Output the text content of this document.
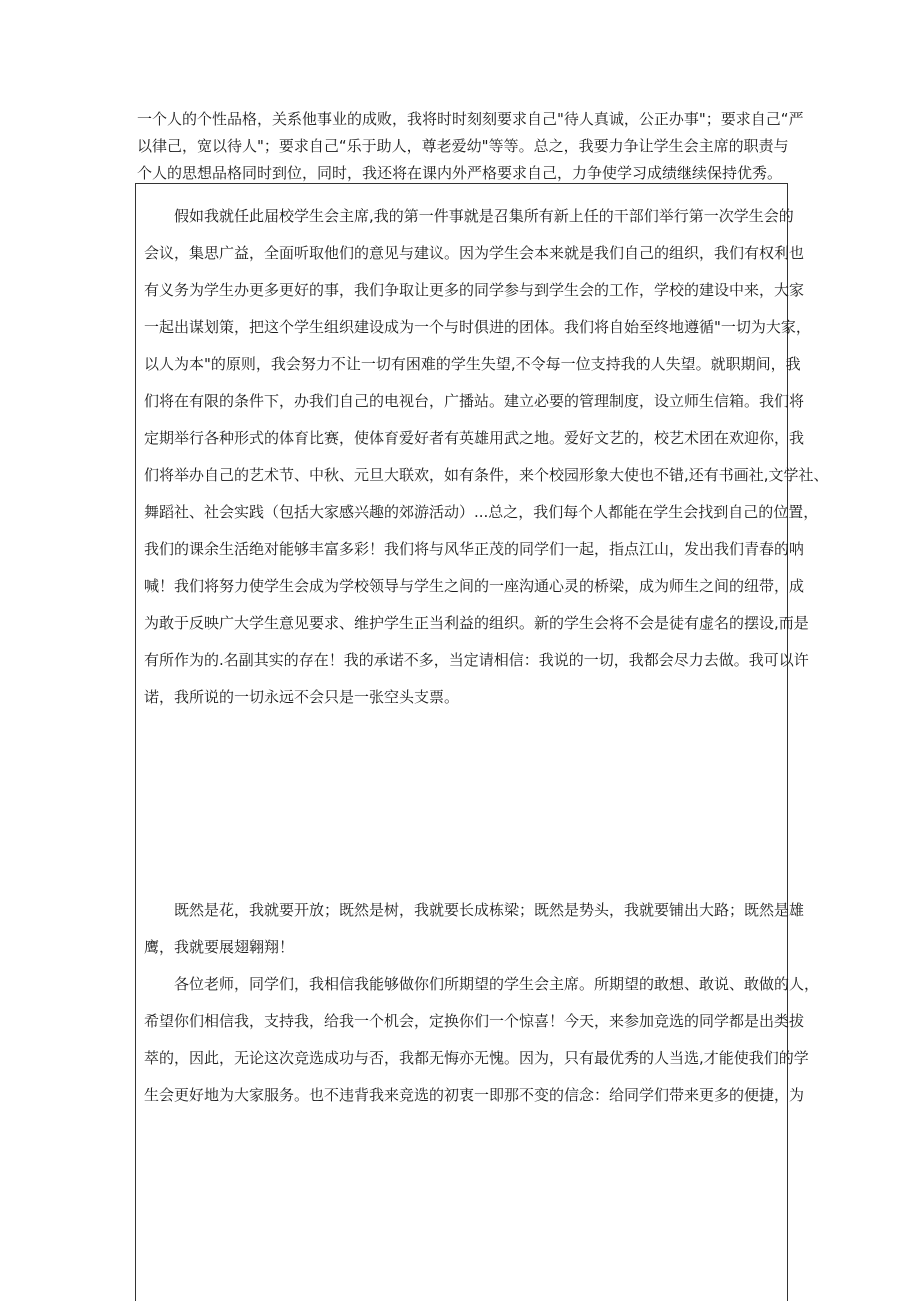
一个人的个性品格，关系他事业的成败，我将时时刻刻要求自己"待人真诚，公正办事"；要求自己“严
以律己，宽以待人"；要求自己“乐于助人，尊老爱幼"等等。总之，我要力争让学生会主席的职责与
个人的思想品格同时到位，同时，我还将在课内外严格要求自己，力争使学习成绩继续保持优秀。
假如我就任此届校学生会主席,我的第一件事就是召集所有新上任的干部们举行第一次学生会的
会议，集思广益，全面听取他们的意见与建议。因为学生会本来就是我们自己的组织，我们有权利也
有义务为学生办更多更好的事，我们争取让更多的同学参与到学生会的工作，学校的建设中来，大家
一起出谋划策，把这个学生组织建设成为一个与时俱进的团体。我们将自始至终地遵循"一切为大家，
以人为本"的原则，我会努力不让一切有困难的学生失望,不令每一位支持我的人失望。就职期间，我
们将在有限的条件下，办我们自己的电视台，广播站。建立必要的管理制度，设立师生信箱。我们将
定期举行各种形式的体育比赛，使体育爱好者有英雄用武之地。爱好文艺的，校艺术团在欢迎你，我
们将举办自己的艺术节、中秋、元旦大联欢，如有条件，来个校园形象大使也不错,还有书画社,文学社、
舞蹈社、社会实践（包括大家感兴趣的郊游活动）...总之，我们每个人都能在学生会找到自己的位置，
我们的课余生活绝对能够丰富多彩！我们将与风华正茂的同学们一起，指点江山，发出我们青春的呐
喊！我们将努力使学生会成为学校领导与学生之间的一座沟通心灵的桥梁，成为师生之间的纽带，成
为敢于反映广大学生意见要求、维护学生正当利益的组织。新的学生会将不会是徒有虚名的摆设,而是
有所作为的.名副其实的存在！我的承诺不多，当定请相信：我说的一切，我都会尽力去做。我可以许
诺，我所说的一切永远不会只是一张空头支票。
既然是花，我就要开放；既然是树，我就要长成栋梁；既然是势头，我就要铺出大路；既然是雄
鹰，我就要展翅翱翔！
各位老师，同学们，我相信我能够做你们所期望的学生会主席。所期望的敢想、敢说、敢做的人，
希望你们相信我，支持我，给我一个机会，定换你们一个惊喜！今天，来参加竞选的同学都是出类拔
萃的，因此，无论这次竞选成功与否，我都无悔亦无愧。因为，只有最优秀的人当选,才能使我们的学
生会更好地为大家服务。也不违背我来竞选的初衷一即那不变的信念：给同学们带来更多的便捷，为
